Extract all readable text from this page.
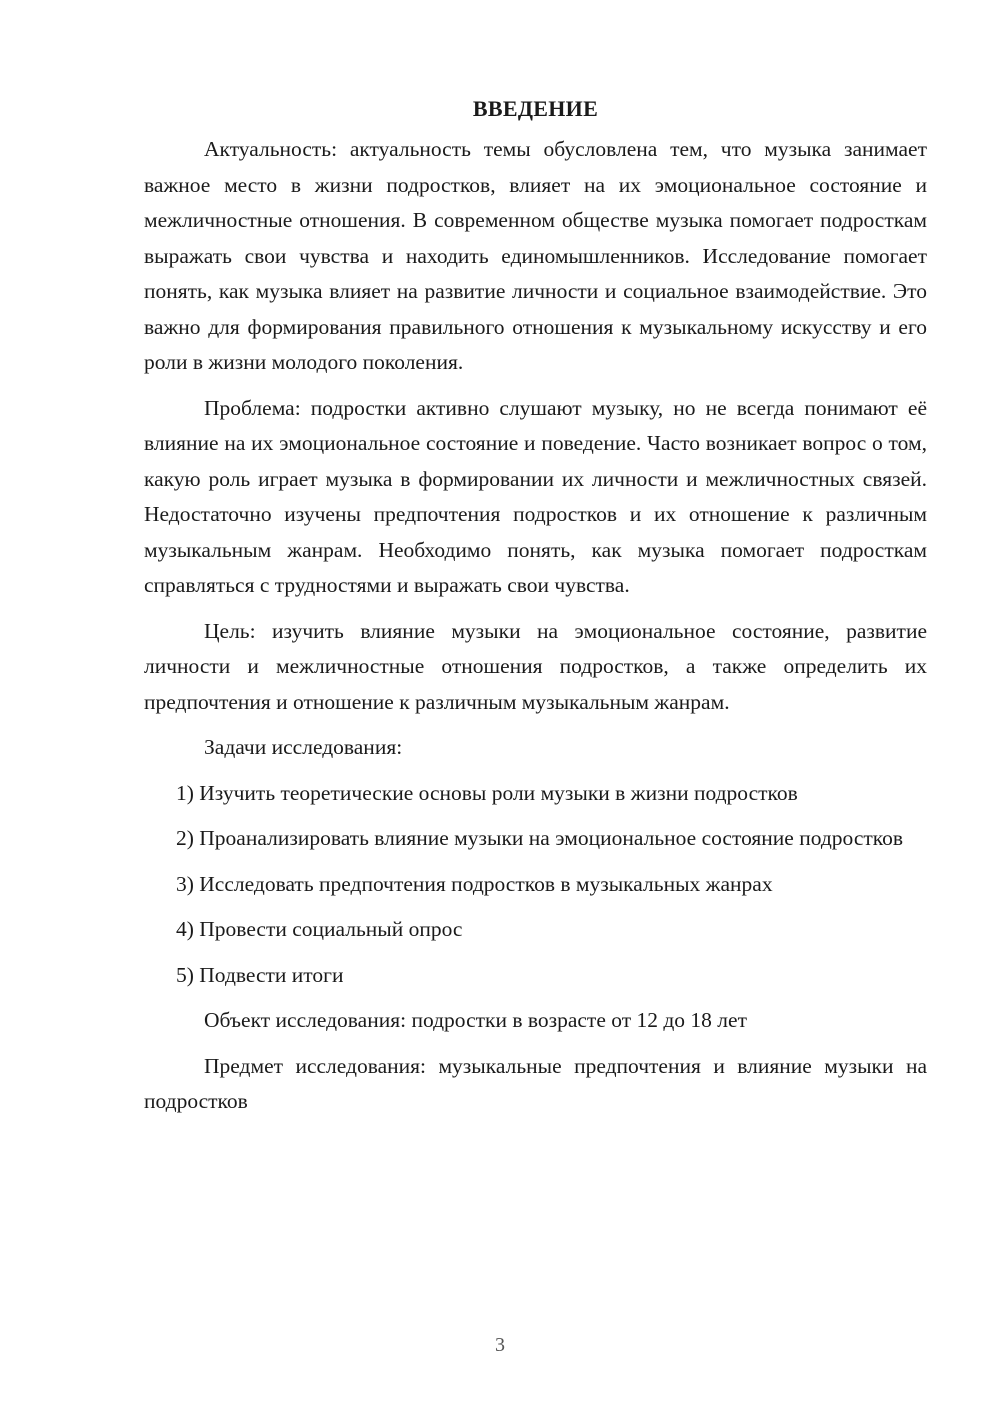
ВВЕДЕНИЕ

Актуальность: актуальность темы обусловлена тем, что музыка занимает важное место в жизни подростков, влияет на их эмоциональное состояние и межличностные отношения. В современном обществе музыка помогает подросткам выражать свои чувства и находить единомышленников. Исследование помогает понять, как музыка влияет на развитие личности и социальное взаимодействие. Это важно для формирования правильного отношения к музыкальному искусству и его роли в жизни молодого поколения.

Проблема: подростки активно слушают музыку, но не всегда понимают её влияние на их эмоциональное состояние и поведение. Часто возникает вопрос о том, какую роль играет музыка в формировании их личности и межличностных связей. Недостаточно изучены предпочтения подростков и их отношение к различным музыкальным жанрам. Необходимо понять, как музыка помогает подросткам справляться с трудностями и выражать свои чувства.

Цель: изучить влияние музыки на эмоциональное состояние, развитие личности и межличностные отношения подростков, а также определить их предпочтения и отношение к различным музыкальным жанрам.

Задачи исследования:

1) Изучить теоретические основы роли музыки в жизни подростков

2) Проанализировать влияние музыки на эмоциональное состояние подростков

3) Исследовать предпочтения подростков в музыкальных жанрах

4) Провести социальный опрос

5) Подвести итоги

Объект исследования: подростки в возрасте от 12 до 18 лет

Предмет исследования: музыкальные предпочтения и влияние музыки на подростков

3
